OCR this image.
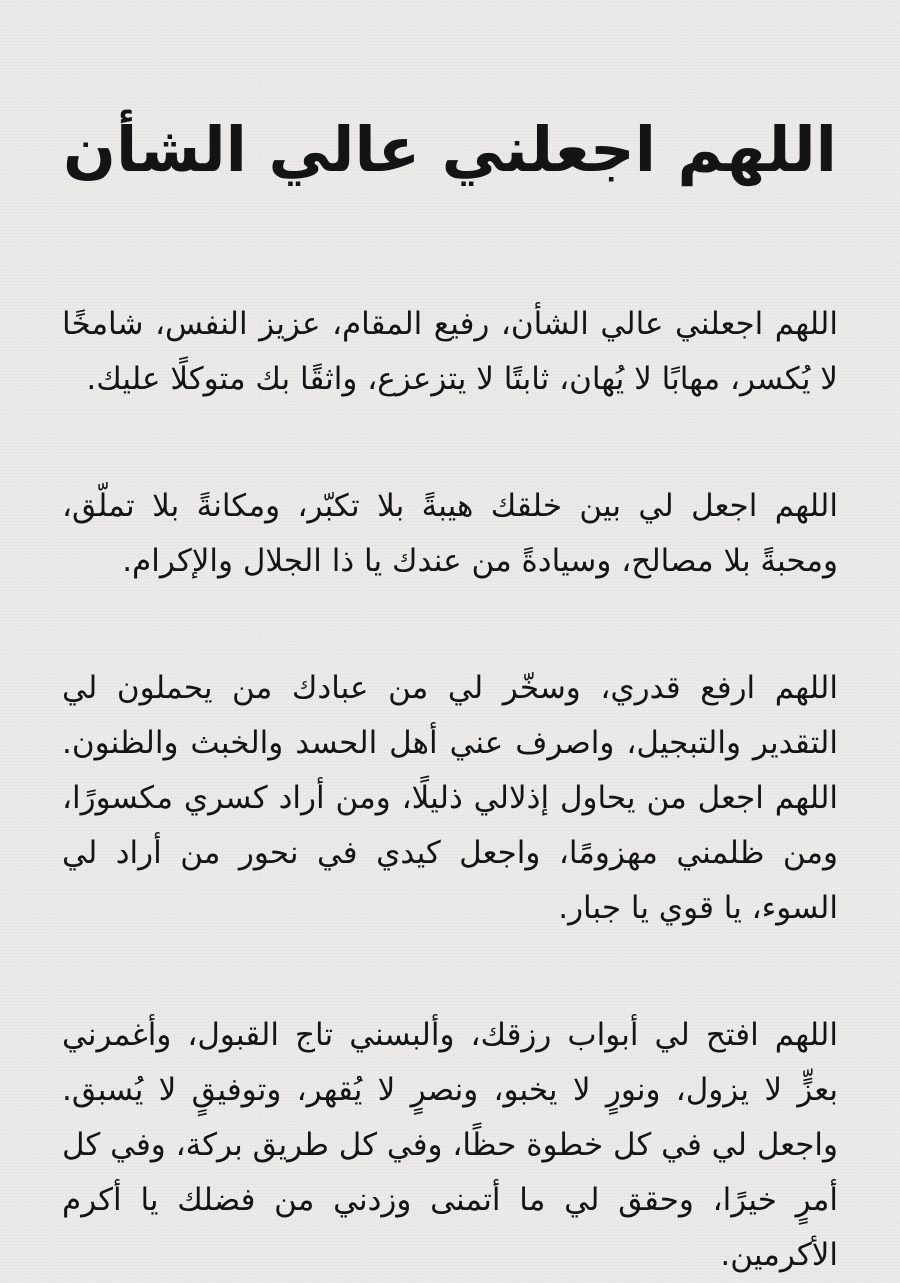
اللهم اجعلني عالي الشأن

اللهم اجعلني عالي الشأن، رفيع المقام، عزيز النفس، شامخًا لا يُكسر، مهابًا لا يُهان، ثابتًا لا يتزعزع، واثقًا بك متوكلًا عليك.

اللهم اجعل لي بين خلقك هيبةً بلا تكبّر، ومكانةً بلا تملّق، ومحبةً بلا مصالح، وسيادةً من عندك يا ذا الجلال والإكرام.

اللهم ارفع قدري، وسخّر لي من عبادك من يحملون لي التقدير والتبجيل، واصرف عني أهل الحسد والخبث والظنون. اللهم اجعل من يحاول إذلالي ذليلًا، ومن أراد كسري مكسورًا، ومن ظلمني مهزومًا، واجعل كيدي في نحور من أراد لي السوء، يا قوي يا جبار.

اللهم افتح لي أبواب رزقك، وألبسني تاج القبول، وأغمرني بعزٍّ لا يزول، ونورٍ لا يخبو، ونصرٍ لا يُقهر، وتوفيقٍ لا يُسبق. واجعل لي في كل خطوة حظًا، وفي كل طريق بركة، وفي كل أمرٍ خيرًا، وحقق لي ما أتمنى وزدني من فضلك يا أكرم الأكرمين.
